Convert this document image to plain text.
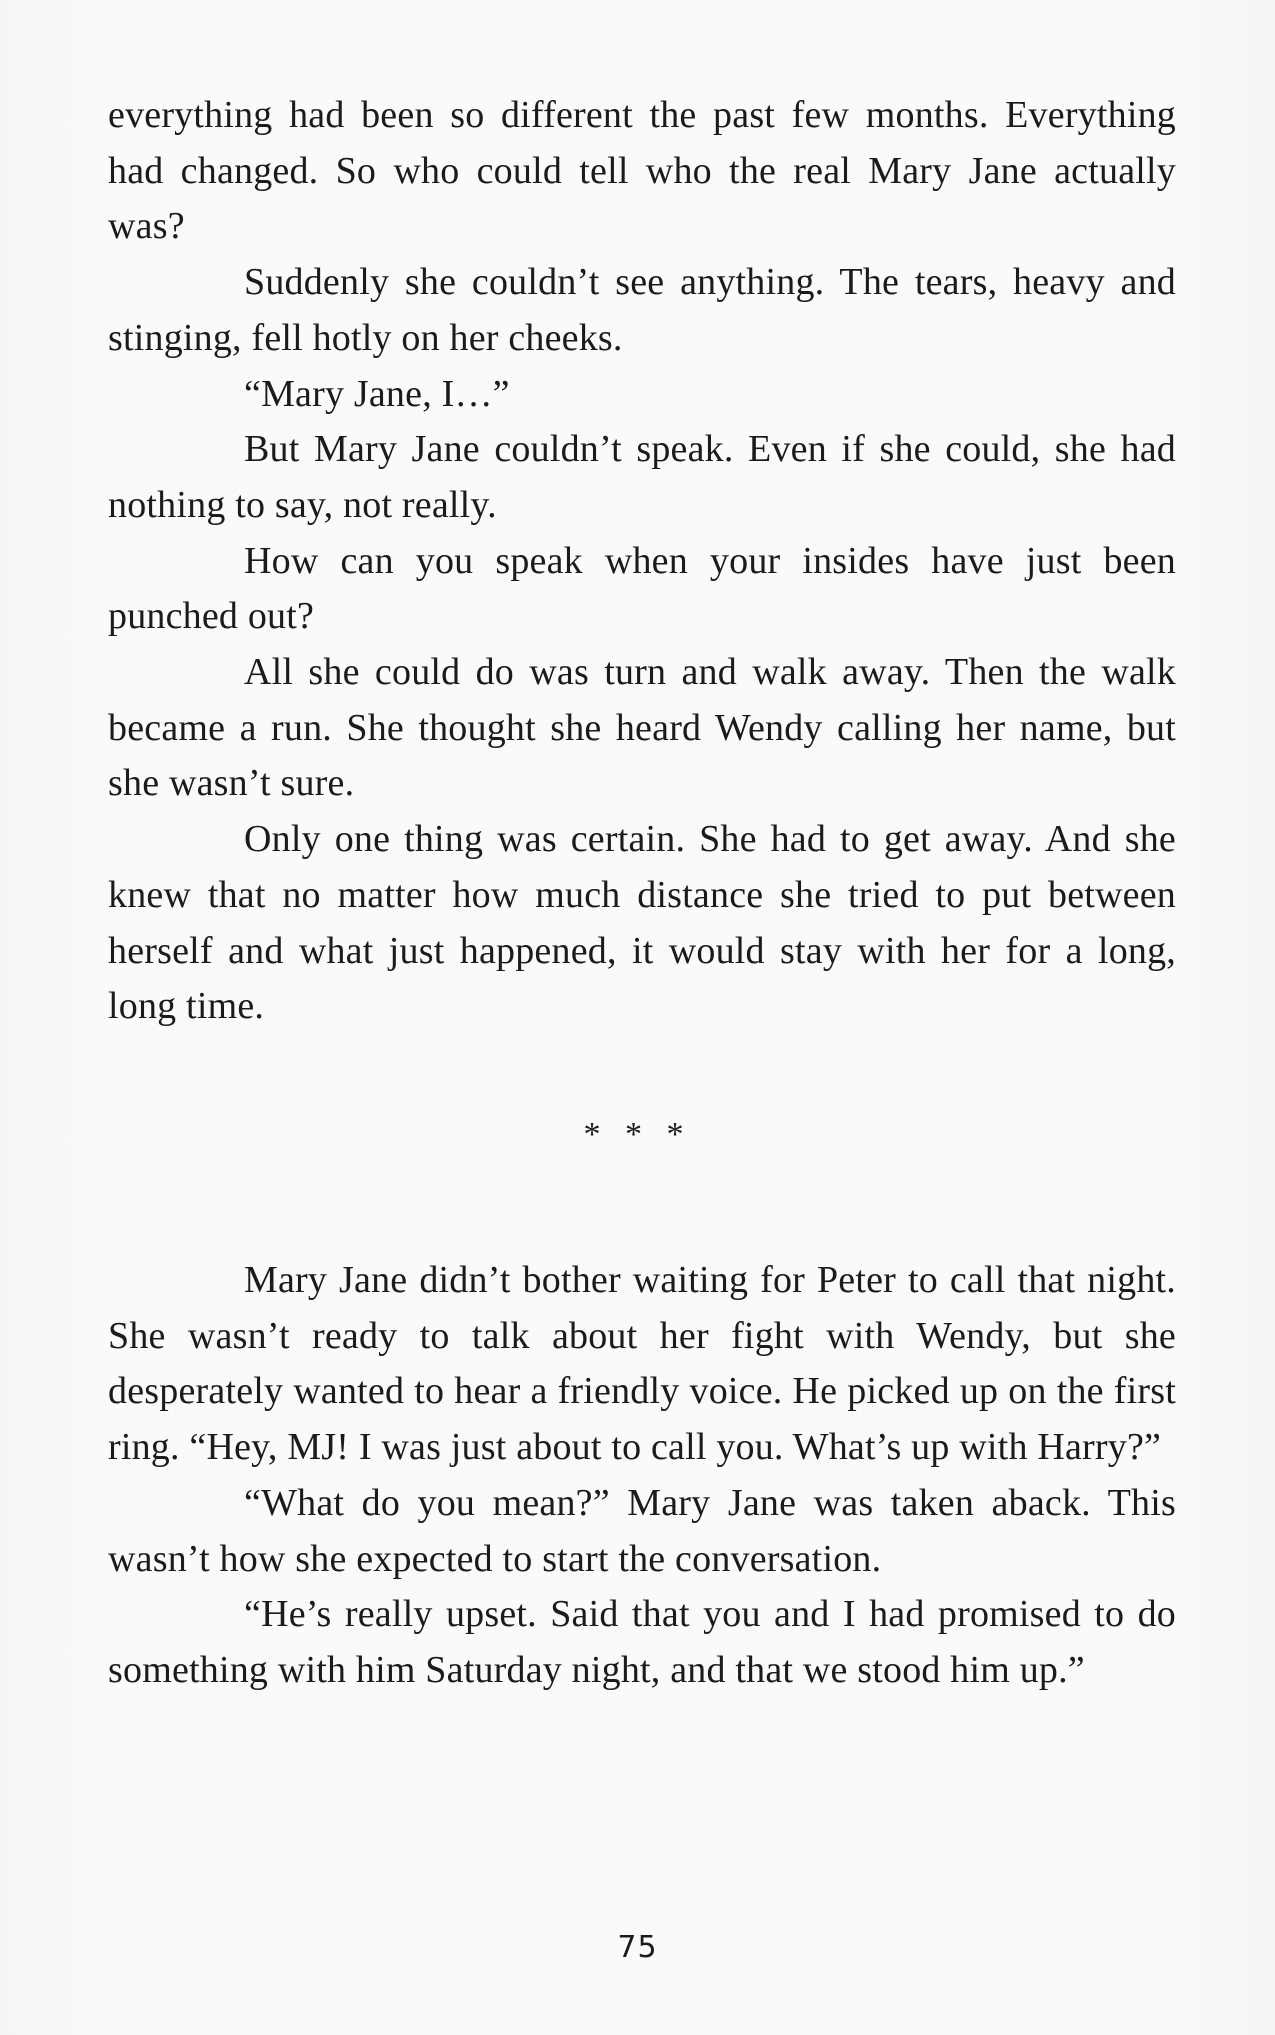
everything had been so different the past few months. Everything had changed. So who could tell who the real Mary Jane actually was?

Suddenly she couldn’t see anything. The tears, heavy and stinging, fell hotly on her cheeks.

“Mary Jane, I…”

But Mary Jane couldn’t speak. Even if she could, she had nothing to say, not really.

How can you speak when your insides have just been punched out?

All she could do was turn and walk away. Then the walk became a run. She thought she heard Wendy calling her name, but she wasn’t sure.

Only one thing was certain. She had to get away. And she knew that no matter how much distance she tried to put between herself and what just happened, it would stay with her for a long, long time.

* * *

Mary Jane didn’t bother waiting for Peter to call that night. She wasn’t ready to talk about her fight with Wendy, but she desperately wanted to hear a friendly voice. He picked up on the first ring. “Hey, MJ! I was just about to call you. What’s up with Harry?”

“What do you mean?” Mary Jane was taken aback. This wasn’t how she expected to start the conversation.

“He’s really upset. Said that you and I had promised to do something with him Saturday night, and that we stood him up.”

75
